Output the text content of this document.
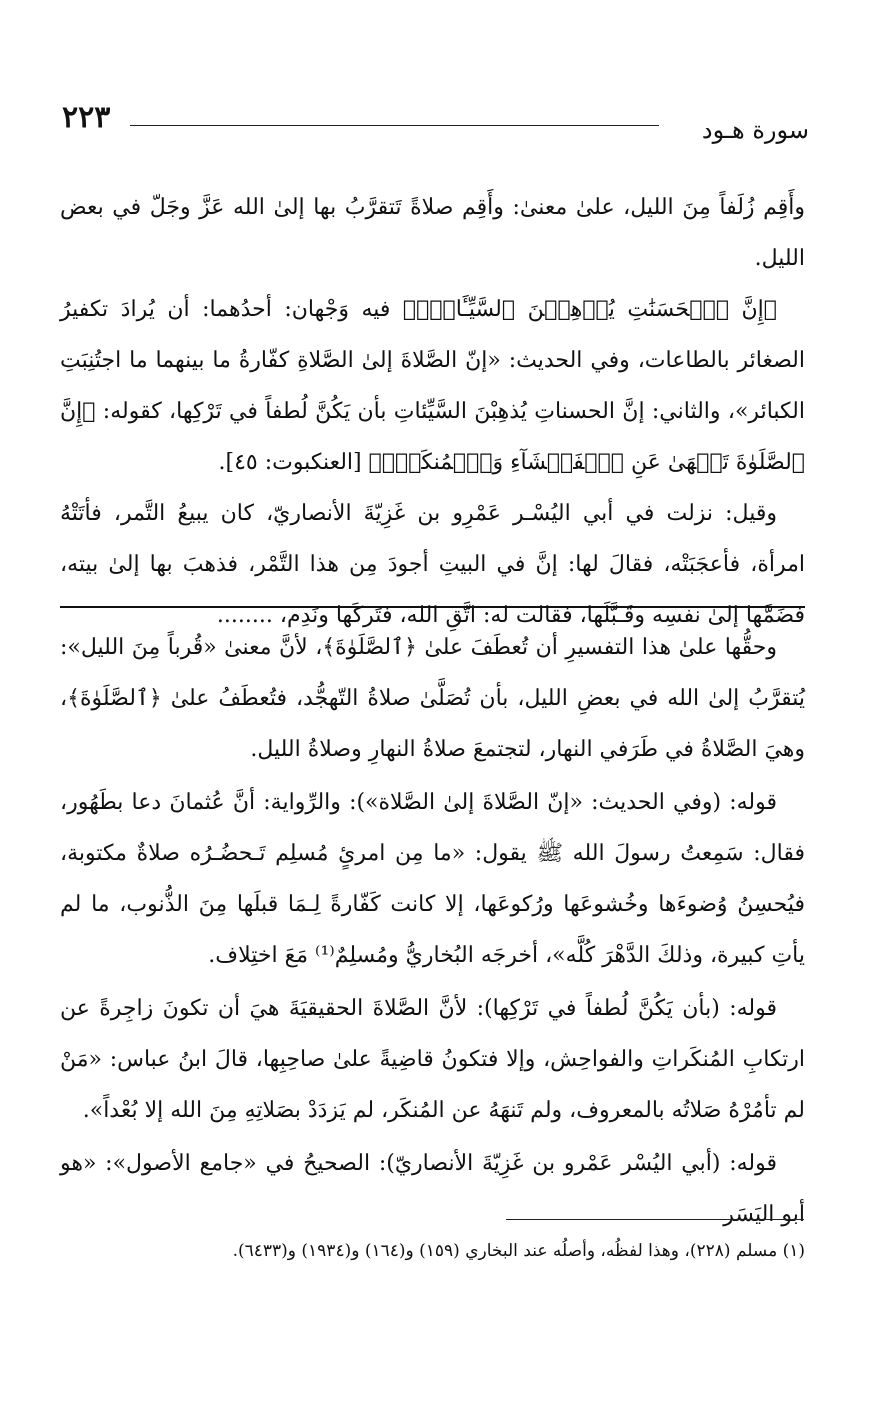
٢٢٣	سورة هـود

وأَقِم زُلَفاً مِنَ الليل، علىٰ معنىٰ: وأَقِم صلاةً تَتقرَّبُ بها إلىٰ الله عَزَّ وجَلّ في بعض الليل.

﴿إِنَّ ٱلۡحَسَنَٰتِ يُذۡهِبۡنَ ٱلسَّيِّـَٔاتِۚ﴾ فيه وَجْهان: أحدُهما: أن يُرادَ تكفيرُ الصغائر بالطاعات، وفي الحديث: «إنّ الصَّلاةَ إلىٰ الصَّلاةِ كفّارةُ ما بينهما ما اجتُنِبَتِ الكبائر»، والثاني: إنَّ الحسناتِ يُذهِبْنَ السَّيِّئاتِ بأن يَكُنَّ لُطفاً في تَرْكِها، كقوله: ﴿إِنَّ ٱلصَّلَوٰةَ تَنۡهَىٰ عَنِ ٱلۡفَحۡشَآءِ وَٱلۡمُنكَرِۗ﴾ [العنكبوت: ٤٥].

وقيل: نزلت في أبي اليُسْـر عَمْرِو بن غَزِيّةَ الأنصاريّ، كان يبيعُ التَّمر، فأتَتْهُ امرأة، فأعجَبَتْه، فقالَ لها: إنَّ في البيتِ أجودَ مِن هذا التَّمْر، فذهبَ بها إلىٰ بيته، فضَمَّها إلىٰ نفسِه وقَـبَّلَها، فقالت له: اتَّقِ الله، فتَركَها ونَدِم، ........

وحقُّها علىٰ هذا التفسيرِ أن تُعطَفَ علىٰ ﴿ٱلصَّلَوٰةَ﴾، لأنَّ معنىٰ «قُرباً مِنَ الليل»: يُتقرَّبُ إلىٰ الله في بعضِ الليل، بأن تُصَلَّىٰ صلاةُ التّهجُّد، فتُعطَفُ علىٰ ﴿ٱلصَّلَوٰةَ﴾، وهيَ الصَّلاةُ في طَرَفي النهار، لتجتمعَ صلاةُ النهارِ وصلاةُ الليل.

قوله: (وفي الحديث: «إنّ الصَّلاةَ إلىٰ الصَّلاة»): والرِّواية: أنَّ عُثمانَ دعا بطَهُور، فقال: سَمِعتُ رسولَ الله ﷺ يقول: «ما مِن امرئٍ مُسلِم تَـحضُـرُه صلاةٌ مكتوبة، فيُحسِنُ وُضوءَها وخُشوعَها ورُكوعَها، إلا كانت كَفّارةً لِـمَا قبلَها مِنَ الذُّنوب، ما لم يأتِ كبيرة، وذلكَ الدَّهْرَ كُلَّه»، أخرجَه البُخاريُّ ومُسلِمٌ⁽¹⁾ مَعَ اختِلاف.

قوله: (بأن يَكُنَّ لُطفاً في تَرْكِها): لأنَّ الصَّلاةَ الحقيقيَةَ هيَ أن تكونَ زاجِرةً عن ارتكابِ المُنكَراتِ والفواحِش، وإلا فتكونُ قاضِيةً علىٰ صاحِبِها، قالَ ابنُ عباس: «مَنْ لم تأمُرْهُ صَلاتُه بالمعروف، ولم تَنهَهُ عن المُنكَر، لم يَزدَدْ بصَلاتِهِ مِنَ الله إلا بُعْداً».

قوله: (أبي اليُسْر عَمْرو بن غَزِيّةَ الأنصاريّ): الصحيحُ في «جامع الأصول»: «هو أبو اليَسَر

(١) مسلم (٢٢٨)، وهذا لفظُه، وأصلُه عند البخاري (١٥٩) و(١٦٤) و(١٩٣٤) و(٦٤٣٣).
